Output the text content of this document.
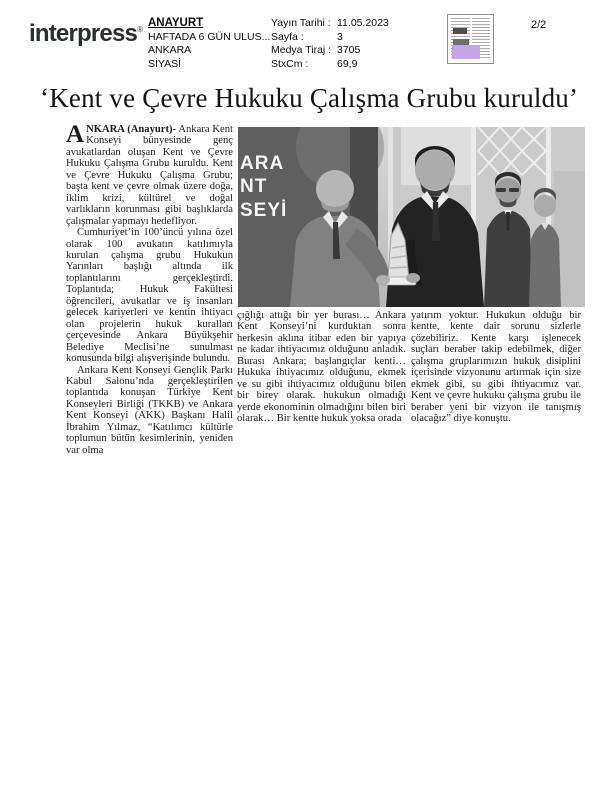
interpress®
ANAYURT
HAFTADA 6 GÜN ULUS...
ANKARA
SİYASİ
Yayın Tarihi : 11.05.2023
Sayfa :	3
Medya Tiraj : 3705
StxCm :	69,9
2/2
‘Kent ve Çevre Hukuku Çalışma Grubu kuruldu’
ARA
NT
SEYİ

ANKARA (Anayurt)- Ankara Kent Konseyi bünyesinde genç avukatlardan oluşan Kent ve Çevre Hukuku Çalışma Grubu kuruldu. Kent ve Çevre Hukuku Çalışma Grubu; başta kent ve çevre olmak üzere doğa, iklim krizi, kültürel ve doğal varlıkların korunması gibi başlıklarda çalışmalar yapmayı hedefliyor.

Cumhuriyet’in 100’üncü yılına özel olarak 100 avukatın katılımıyla kurulan çalışma grubu Hukukun Yarınları başlığı altında ilk toplantılarını gerçekleştirdi. Toplantıda; Hukuk Fakültesi öğrencileri, avukatlar ve iş insanları gelecek kariyerleri ve kentin ihtiyacı olan projelerin hukuk kuralları çerçevesinde Ankara Büyükşehir Belediye Meclisi’ne sunulması konusunda bilgi alışverişinde bulundu.

Ankara Kent Konseyi Gençlik Parkı Kabul Salonu’nda gerçekleştirilen toplantıda konuşan Türkiye Kent Konseyleri Birliği (TKKB) ve Ankara Kent Konseyi (AKK) Başkanı Halil İbrahim Yılmaz, “Katılımcı kültürle toplumun bütün kesimlerinin, yeniden var olma

çığlığı attığı bir yer burası… Ankara Kent Konseyi’ni kurduktan sonra herkesin aklına itibar eden bir yapıya ne kadar ihtiyacımız olduğunu anladık. Burası Ankara; başlangıçlar kenti… Hukuka ihtiyacımız olduğunu, ekmek ve su gibi ihtiyacımız olduğunu bilen bir birey olarak. hukukun olmadığı yerde ekonominin olmadığını bilen biri olarak… Bir kentte hukuk yoksa orada
yatırım yoktur. Hukukun olduğu bir kentte, kente dair sorunu sizlerle çözebiliriz. Kente karşı işlenecek suçları beraber takip edebilmek, diğer çalışma gruplarımızın hukuk disiplini içerisinde vizyonunu artırmak için size ekmek gibi, su gibi ihtiyacımız var. Kent ve çevre hukuku çalışma grubu ile beraber yeni bir vizyon ile tanışmış olacağız” diye konuştu.
